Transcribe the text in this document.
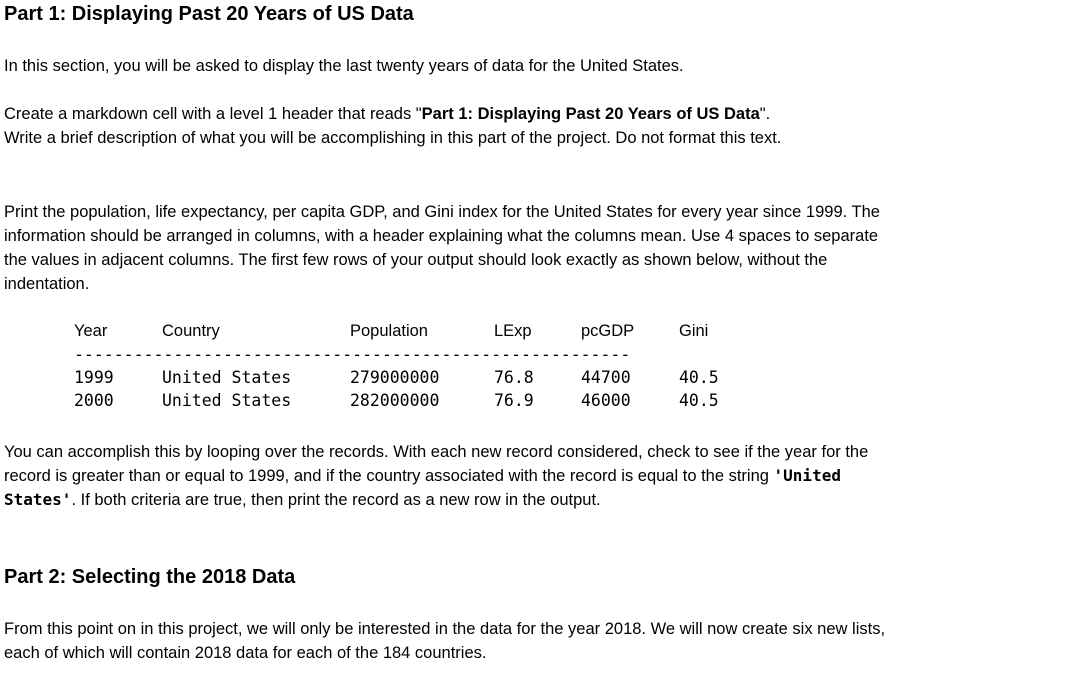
Part 1: Displaying Past 20 Years of US Data

In this section, you will be asked to display the last twenty years of data for the United States.

Create a markdown cell with a level 1 header that reads "Part 1: Displaying Past 20 Years of US Data".

Write a brief description of what you will be accomplishing in this part of the project. Do not format this text.

Print the population, life expectancy, per capita GDP, and Gini index for the United States for every year since 1999. The

information should be arranged in columns, with a header explaining what the columns mean. Use 4 spaces to separate

the values in adjacent columns. The first few rows of your output should look exactly as shown below, without the

indentation.

Year	Country	Population	LExp	pcGDP	Gini
--------------------------------------------------------
1999	United States	279000000	76.8	44700	40.5
2000	United States	282000000	76.9	46000	40.5

You can accomplish this by looping over the records. With each new record considered, check to see if the year for the

record is greater than or equal to 1999, and if the country associated with the record is equal to the string 'United

States'. If both criteria are true, then print the record as a new row in the output.

Part 2: Selecting the 2018 Data

From this point on in this project, we will only be interested in the data for the year 2018. We will now create six new lists,

each of which will contain 2018 data for each of the 184 countries.
